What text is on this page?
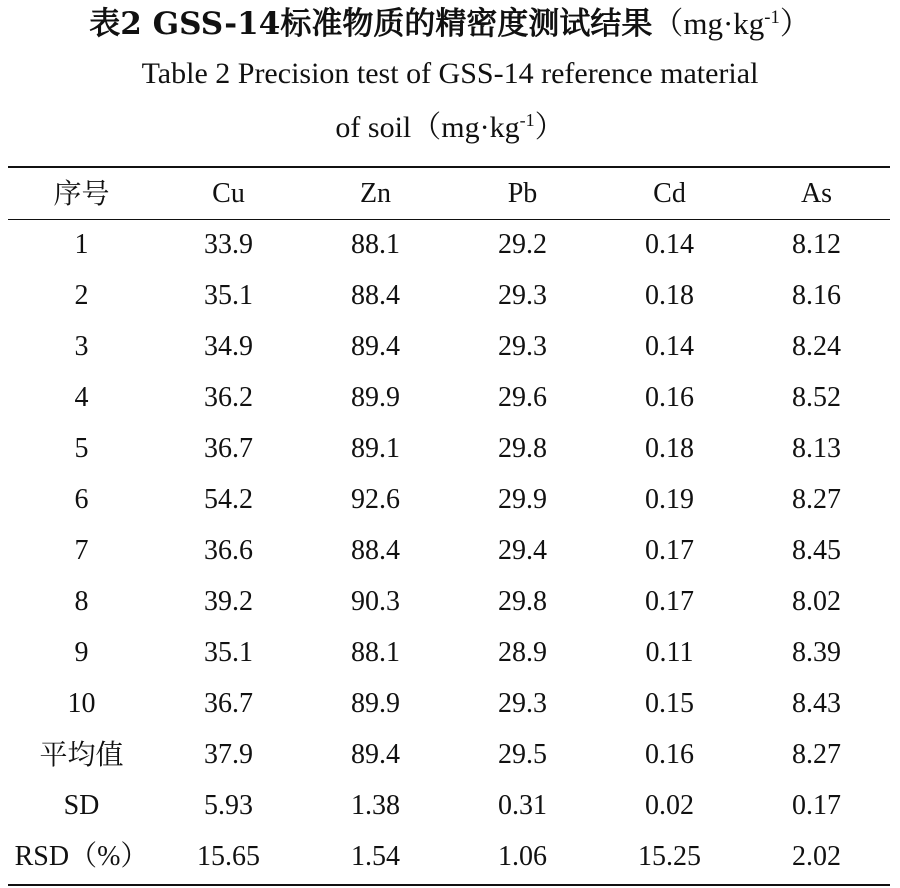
表2 GSS-14标准物质的精密度测试结果$(mg\cdot kg^{-1})$
Table 2 Precision test of GSS-14 reference material
of $soil(mg\cdot kg^{-1})$
序号	Cu	Zn	Pb	Cd	As
1	33.9	88.1	29.2	0.14	8.12
2	35.1	88.4	29.3	0.18	8.16
3	34.9	89.4	29.3	0.14	8.24
4	36.2	89.9	29.6	0.16	8.52
5	36.7	89.1	29.8	0.18	8.13
6	54.2	92.6	29.9	0.19	8.27
7	36.6	88.4	29.4	0.17	8.45
8	39.2	90.3	29.8	0.17	8.02
9	35.1	88.1	28.9	0.11	8.39
10	36.7	89.9	29.3	0.15	8.43
平均值	37.9	89.4	29.5	0.16	8.27
SD	5.93	1.38	0.31	0.02	0.17
RSD（%）	15.65	1.54	1.06	15.25	2.02
